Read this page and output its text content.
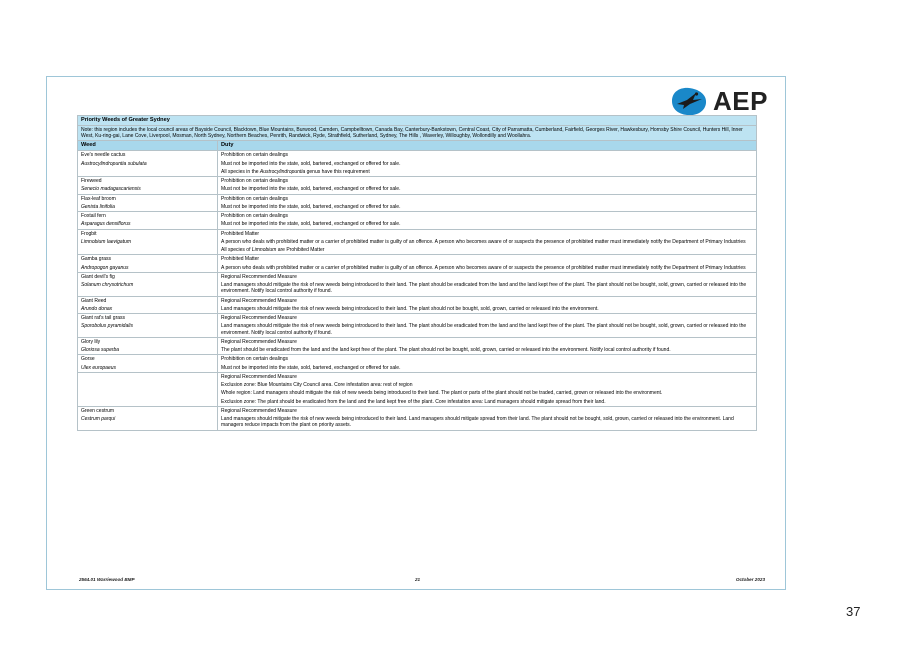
AEP
Priority Weeds of Greater Sydney	
Note: this region includes the local council areas of Bayside Council, Blacktown, Blue Mountains, Burwood, Camden, Campbelltown, Canada Bay, Canterbury-Bankstown, Central Coast, City of Parramatta, Cumberland, Fairfield, Georges River, Hawkesbury, Hornsby Shire Council, Hunters Hill, Inner West, Ku-ring-gai, Lane Cove, Liverpool, Mosman, North Sydney, Northern Beaches, Penrith, Randwick, Ryde, Strathfield, Sutherland, Sydney, The Hills , Waverley, Willoughby, Wollondilly and Woollahra.	
Weed	Duty

Eve's needle cactus
Austrocylindropuntia subulata	Prohibition on certain dealings
Must not be imported into the state, sold, bartered, exchanged or offered for sale.
All species in the Austrocylindropuntia genus have this requirement

Fireweed
Senecio madagascariensis	Prohibition on certain dealings
Must not be imported into the state, sold, bartered, exchanged or offered for sale.

Flax-leaf broom
Genista linifolia	Prohibition on certain dealings
Must not be imported into the state, sold, bartered, exchanged or offered for sale.

Foxtail fern
Asparagus densiflorus	Prohibition on certain dealings
Must not be imported into the state, sold, bartered, exchanged or offered for sale.

Frogbit
Limnobium laevigatum	Prohibited Matter
A person who deals with prohibited matter or a carrier of prohibited matter is guilty of an offence. A person who becomes aware of or suspects the presence of prohibited matter must immediately notify the Department of Primary Industries
All species of Limnobium are Prohibited Matter

Gamba grass
Andropogon gayanus	Prohibited Matter
A person who deals with prohibited matter or a carrier of prohibited matter is guilty of an offence. A person who becomes aware of or suspects the presence of prohibited matter must immediately notify the Department of Primary Industries

Giant devil's fig
Solanum chrysotrichum	Regional Recommended Measure
Land managers should mitigate the risk of new weeds being introduced to their land. The plant should be eradicated from the land and the land kept free of the plant. The plant should not be bought, sold, grown, carried or released into the environment. Notify local control authority if found.

Giant Reed
Arundo donax	Regional Recommended Measure
Land managers should mitigate the risk of new weeds being introduced to their land. The plant should not be bought, sold, grown, carried or released into the environment.

Giant rat's tail grass
Sporobolus pyramidalis	Regional Recommended Measure
Land managers should mitigate the risk of new weeds being introduced to their land. The plant should be eradicated from the land and the land kept free of the plant. The plant should not be bought, sold, grown, carried or released into the environment. Notify local control authority if found.

Glory lily
Gloriosa superba	Regional Recommended Measure
The plant should be eradicated from the land and the land kept free of the plant. The plant should not be bought, sold, grown, carried or released into the environment. Notify local control authority if found.

Gorse
Ulex europaeus	Prohibition on certain dealings
Must not be imported into the state, sold, bartered, exchanged or offered for sale.

	Regional Recommended Measure
Exclusion zone: Blue Mountains City Council area. Core infestation area: rest of region
Whole region: Land managers should mitigate the risk of new weeds being introduced to their land. The plant or parts of the plant should not be traded, carried, grown or released into the environment.
Exclusion zone: The plant should be eradicated from the land and the land kept free of the plant. Core infestation area: Land managers should mitigate spread from their land.

Green cestrum
Cestrum parqui	Regional Recommended Measure
Land managers should mitigate the risk of new weeds being introduced to their land. Land managers should mitigate spread from their land. The plant should not be bought, sold, grown, carried or released into the environment. Land managers reduce impacts from the plant on priority assets.
2564.01 Warriewood BMP	21	October 2023
37
